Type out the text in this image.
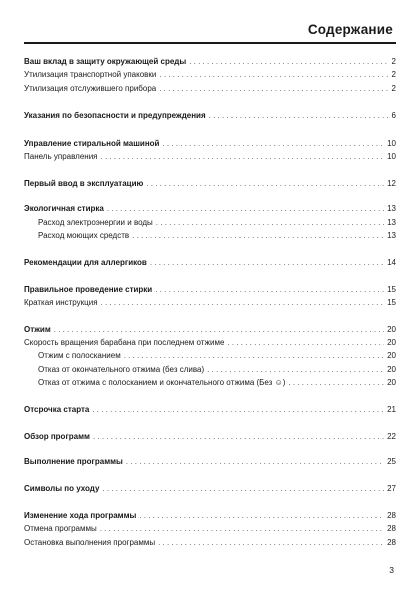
Содержание
Ваш вклад в защиту окружающей среды . . .	2
Утилизация транспортной упаковки . . .	2
Утилизация отслужившего прибора . . .	2
Указания по безопасности и предупреждения . . .	6
Управление стиральной машиной . . .	10
Панель управления . . .	10
Первый ввод в эксплуатацию . . .	12
Экологичная стирка . . .	13
Расход электроэнергии и воды . . .	13
Расход моющих средств . . .	13
Рекомендации для аллергиков . . .	14
Правильное проведение стирки . . .	15
Краткая инструкция . . .	15
Отжим . . .	20
Скорость вращения барабана при последнем отжиме . . .	20
Отжим с полосканием . . .	20
Отказ от окончательного отжима (без слива) . . .	20
Отказ от отжима с полосканием и окончательного отжима (Без ☺) . . .	20
Отсрочка старта . . .	21
Обзор программ . . .	22
Выполнение программы . . .	25
Символы по уходу . . .	27
Изменение хода программы . . .	28
Отмена программы . . .	28
Остановка выполнения программы . . .	28
3
